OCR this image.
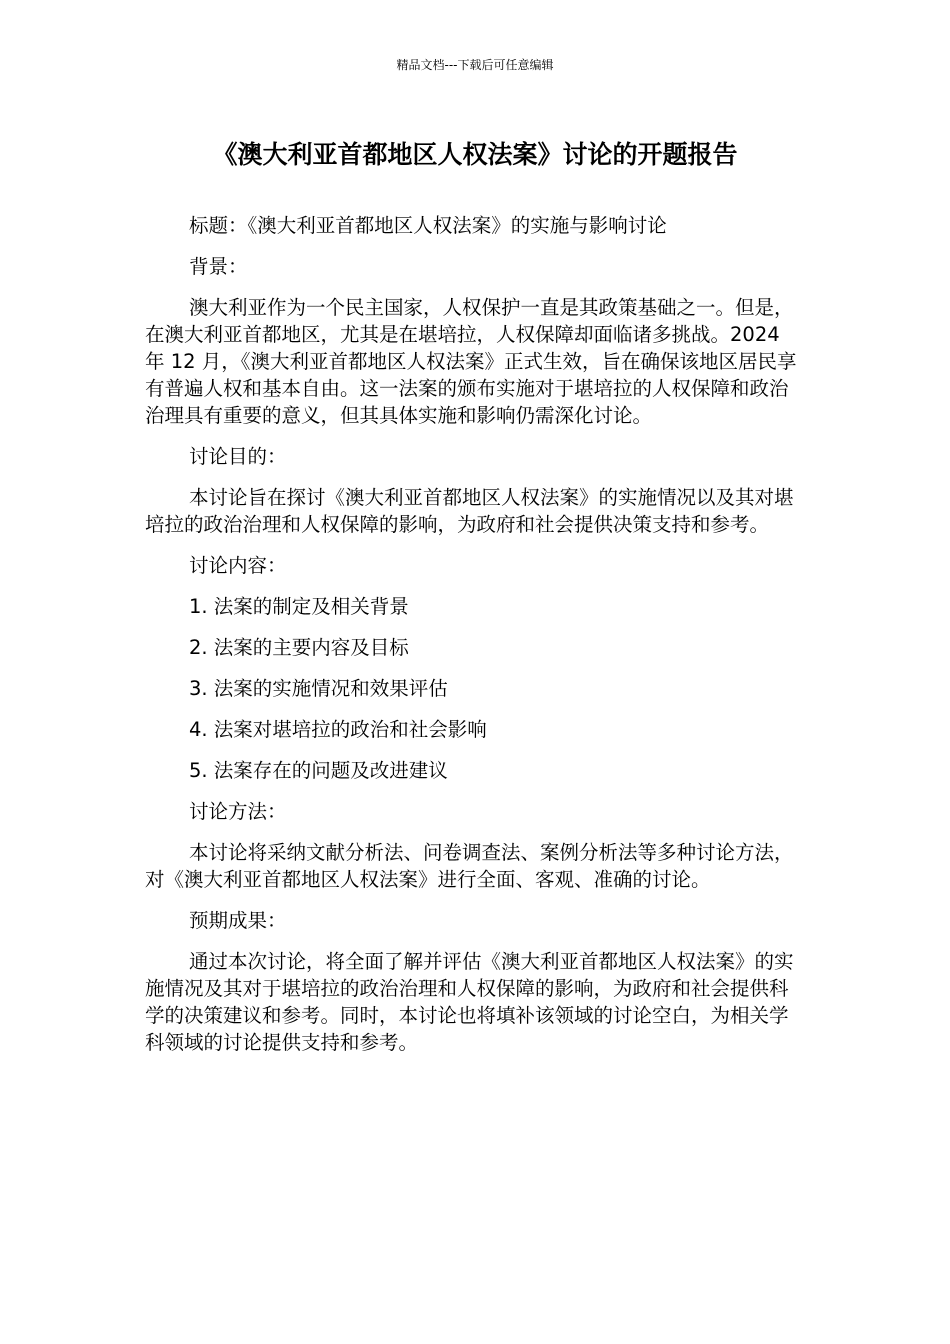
精品文档---下载后可任意编辑
《澳大利亚首都地区人权法案》讨论的开题报告

标题：《澳大利亚首都地区人权法案》的实施与影响讨论

背景：

澳大利亚作为一个民主国家，人权保护一直是其政策基础之一。但是，在澳大利亚首都地区，尤其是在堪培拉，人权保障却面临诸多挑战。2024 年 12 月，《澳大利亚首都地区人权法案》正式生效，旨在确保该地区居民享有普遍人权和基本自由。这一法案的颁布实施对于堪培拉的人权保障和政治治理具有重要的意义，但其具体实施和影响仍需深化讨论。

讨论目的：

本讨论旨在探讨《澳大利亚首都地区人权法案》的实施情况以及其对堪培拉的政治治理和人权保障的影响，为政府和社会提供决策支持和参考。

讨论内容：

1. 法案的制定及相关背景

2. 法案的主要内容及目标

3. 法案的实施情况和效果评估

4. 法案对堪培拉的政治和社会影响

5. 法案存在的问题及改进建议

讨论方法：

本讨论将采纳文献分析法、问卷调查法、案例分析法等多种讨论方法，对《澳大利亚首都地区人权法案》进行全面、客观、准确的讨论。

预期成果：

通过本次讨论，将全面了解并评估《澳大利亚首都地区人权法案》的实施情况及其对于堪培拉的政治治理和人权保障的影响，为政府和社会提供科学的决策建议和参考。同时，本讨论也将填补该领域的讨论空白，为相关学科领域的讨论提供支持和参考。
